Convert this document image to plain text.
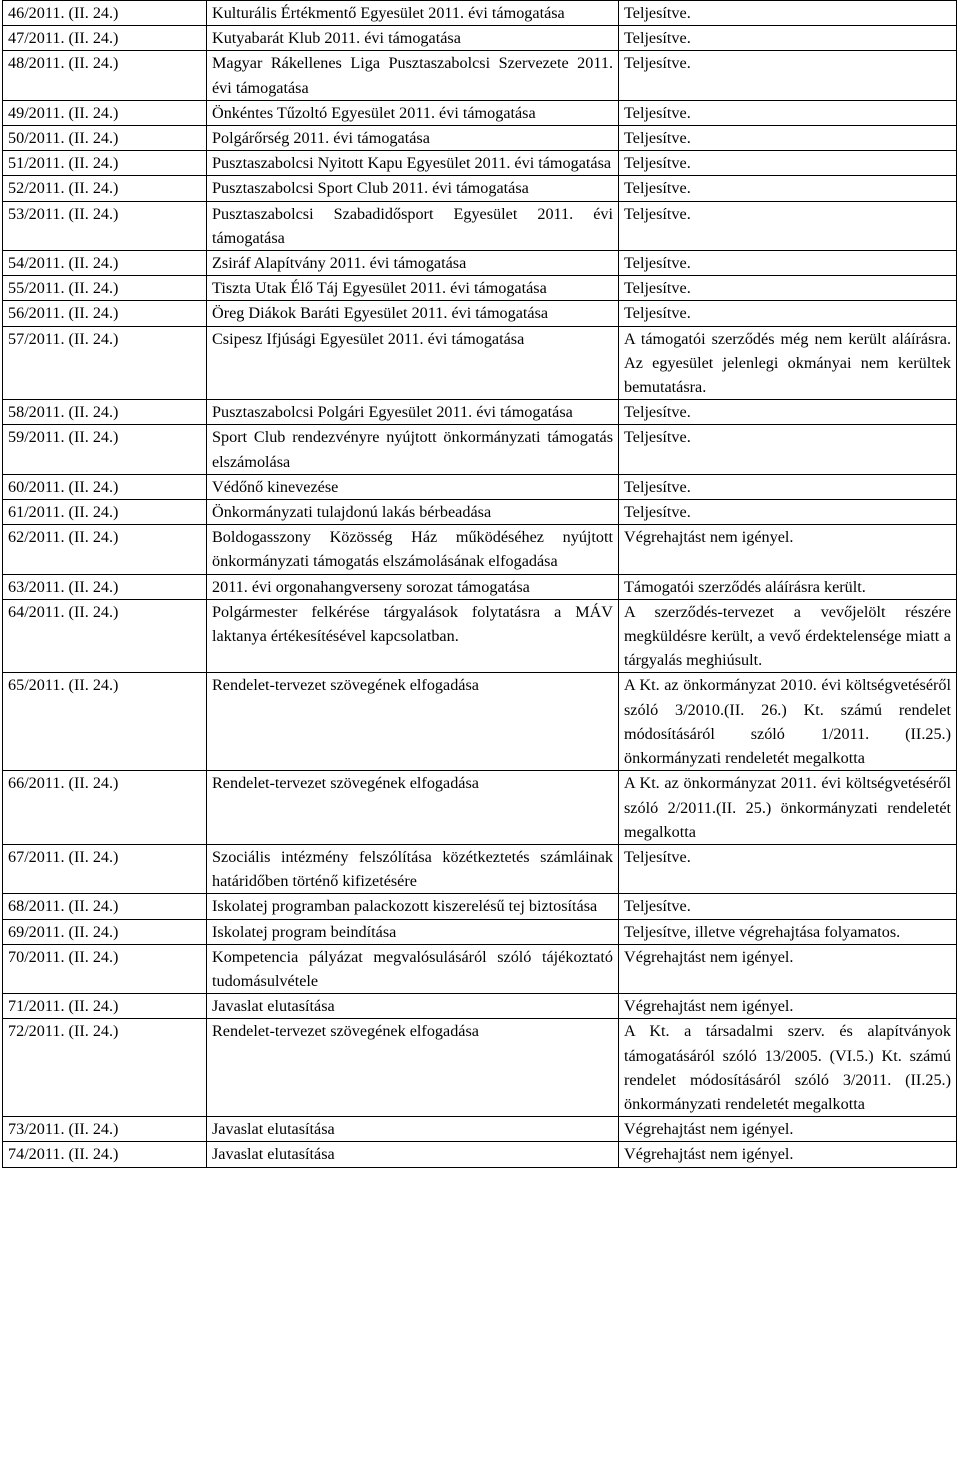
46/2011. (II. 24.)	Kulturális Értékmentő Egyesület 2011. évi támogatása	Teljesítve.
47/2011. (II. 24.)	Kutyabarát Klub 2011. évi támogatása	Teljesítve.
48/2011. (II. 24.)	Magyar Rákellenes Liga Pusztaszabolcsi Szervezete 2011. évi támogatása	Teljesítve.
49/2011. (II. 24.)	Önkéntes Tűzoltó Egyesület 2011. évi támogatása	Teljesítve.
50/2011. (II. 24.)	Polgárőrség 2011. évi támogatása	Teljesítve.
51/2011. (II. 24.)	Pusztaszabolcsi Nyitott Kapu Egyesület 2011. évi támogatása	Teljesítve.
52/2011. (II. 24.)	Pusztaszabolcsi Sport Club 2011. évi támogatása	Teljesítve.
53/2011. (II. 24.)	Pusztaszabolcsi Szabadidősport Egyesület 2011. évi támogatása	Teljesítve.
54/2011. (II. 24.)	Zsiráf Alapítvány 2011. évi támogatása	Teljesítve.
55/2011. (II. 24.)	Tiszta Utak Élő Táj Egyesület 2011. évi támogatása	Teljesítve.
56/2011. (II. 24.)	Öreg Diákok Baráti Egyesület 2011. évi támogatása	Teljesítve.
57/2011. (II. 24.)	Csipesz Ifjúsági Egyesület 2011. évi támogatása	A támogatói szerződés még nem került aláírásra. Az egyesület jelenlegi okmányai nem kerültek bemutatásra.
58/2011. (II. 24.)	Pusztaszabolcsi Polgári Egyesület 2011. évi támogatása	Teljesítve.
59/2011. (II. 24.)	Sport Club rendezvényre nyújtott önkormányzati támogatás elszámolása	Teljesítve.
60/2011. (II. 24.)	Védőnő kinevezése	Teljesítve.
61/2011. (II. 24.)	Önkormányzati tulajdonú lakás bérbeadása	Teljesítve.
62/2011. (II. 24.)	Boldogasszony Közösség Ház működéséhez nyújtott önkormányzati támogatás elszámolásának elfogadása	Végrehajtást nem igényel.
63/2011. (II. 24.)	2011. évi orgonahangverseny sorozat támogatása	Támogatói szerződés aláírásra került.
64/2011. (II. 24.)	Polgármester felkérése tárgyalások folytatásra a MÁV laktanya értékesítésével kapcsolatban.	A szerződés-tervezet a vevőjelölt részére megküldésre került, a vevő érdektelensége miatt a tárgyalás meghiúsult.
65/2011. (II. 24.)	Rendelet-tervezet szövegének elfogadása	A Kt. az önkormányzat 2010. évi költségvetéséről szóló 3/2010.(II. 26.) Kt. számú rendelet módosításáról szóló 1/2011. (II.25.) önkormányzati rendeletét megalkotta
66/2011. (II. 24.)	Rendelet-tervezet szövegének elfogadása	A Kt. az önkormányzat 2011. évi költségvetéséről szóló 2/2011.(II. 25.) önkormányzati rendeletét megalkotta
67/2011. (II. 24.)	Szociális intézmény felszólítása közétkeztetés számláinak határidőben történő kifizetésére	Teljesítve.
68/2011. (II. 24.)	Iskolatej programban palackozott kiszerelésű tej biztosítása	Teljesítve.
69/2011. (II. 24.)	Iskolatej program beindítása	Teljesítve, illetve végrehajtása folyamatos.
70/2011. (II. 24.)	Kompetencia pályázat megvalósulásáról szóló tájékoztató tudomásulvétele	Végrehajtást nem igényel.
71/2011. (II. 24.)	Javaslat elutasítása	Végrehajtást nem igényel.
72/2011. (II. 24.)	Rendelet-tervezet szövegének elfogadása	A Kt. a társadalmi szerv. és alapítványok támogatásáról szóló 13/2005. (VI.5.) Kt. számú rendelet módosításáról szóló 3/2011. (II.25.) önkormányzati rendeletét megalkotta
73/2011. (II. 24.)	Javaslat elutasítása	Végrehajtást nem igényel.
74/2011. (II. 24.)	Javaslat elutasítása	Végrehajtást nem igényel.
